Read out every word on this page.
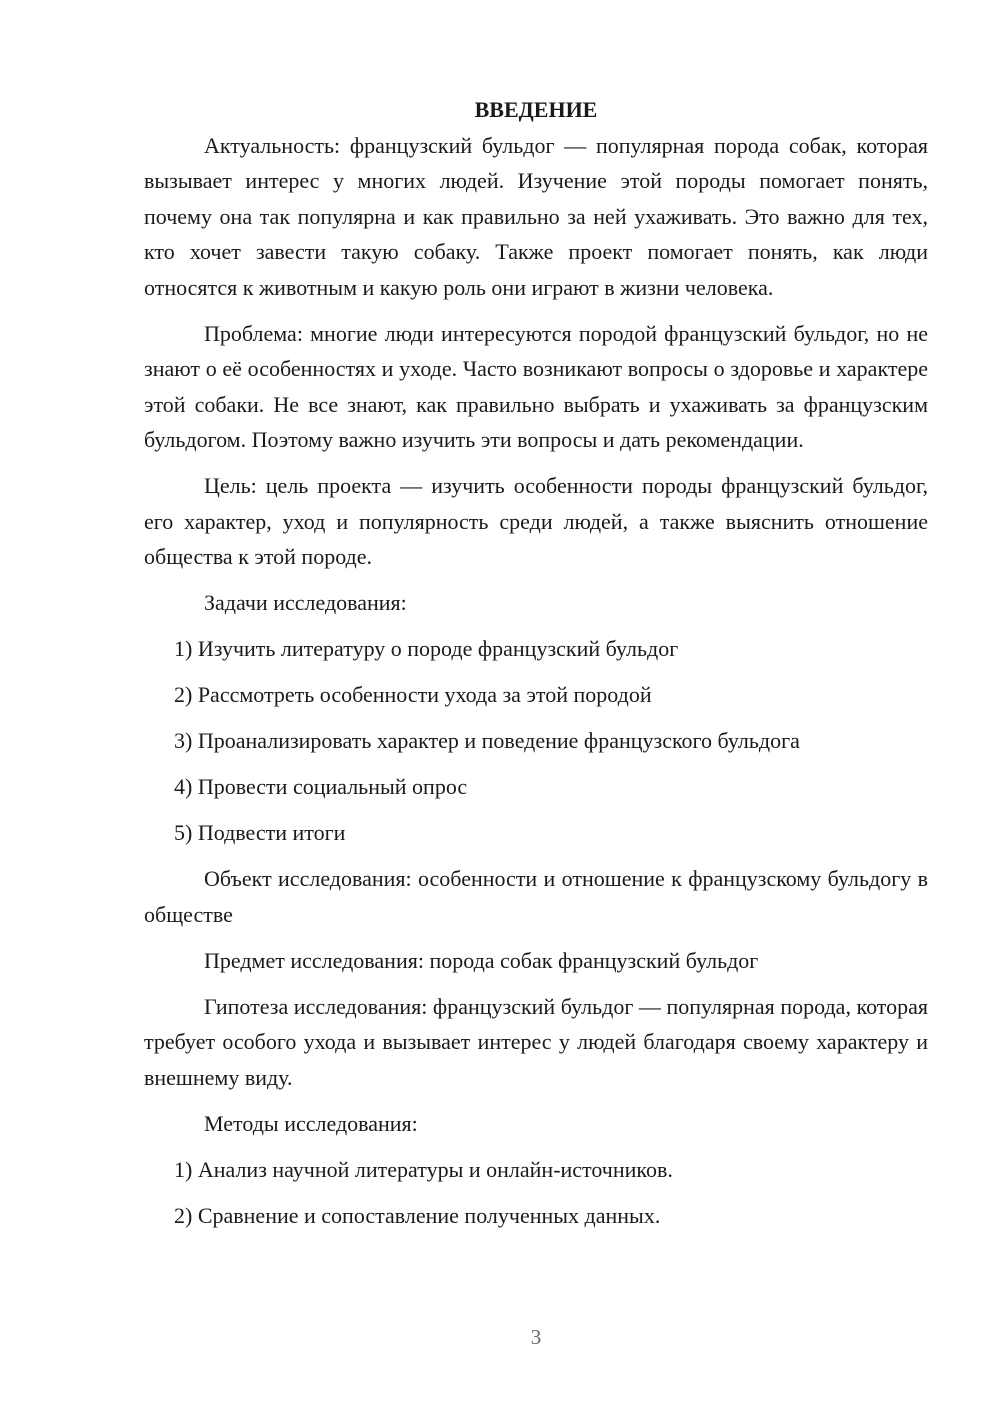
ВВЕДЕНИЕ

Актуальность: французский бульдог — популярная порода собак, которая вызывает интерес у многих людей. Изучение этой породы помогает понять, почему она так популярна и как правильно за ней ухаживать. Это важно для тех, кто хочет завести такую собаку. Также проект помогает понять, как люди относятся к животным и какую роль они играют в жизни человека.

Проблема: многие люди интересуются породой французский бульдог, но не знают о её особенностях и уходе. Часто возникают вопросы о здоровье и характере этой собаки. Не все знают, как правильно выбрать и ухаживать за французским бульдогом. Поэтому важно изучить эти вопросы и дать рекомендации.

Цель: цель проекта — изучить особенности породы французский бульдог, его характер, уход и популярность среди людей, а также выяснить отношение общества к этой породе.

Задачи исследования:

1) Изучить литературу о породе французский бульдог

2) Рассмотреть особенности ухода за этой породой

3) Проанализировать характер и поведение французского бульдога

4) Провести социальный опрос

5) Подвести итоги

Объект исследования: особенности и отношение к французскому бульдогу в обществе

Предмет исследования: порода собак французский бульдог

Гипотеза исследования: французский бульдог — популярная порода, которая требует особого ухода и вызывает интерес у людей благодаря своему характеру и внешнему виду.

Методы исследования:

1) Анализ научной литературы и онлайн-источников.

2) Сравнение и сопоставление полученных данных.

3
